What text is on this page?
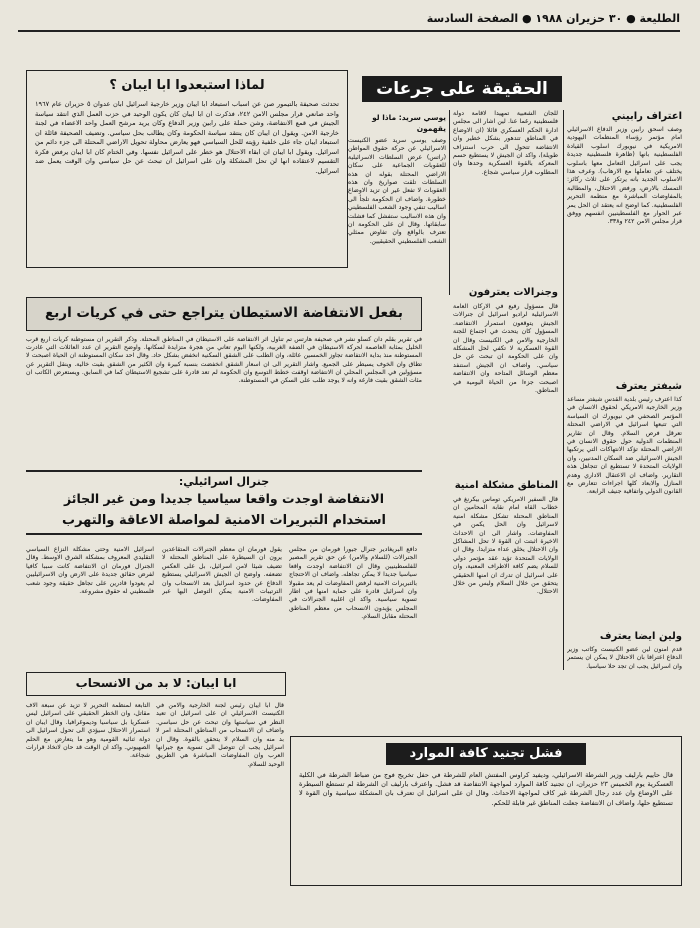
الطليعة ● ٣٠ حزيران ١٩٨٨ ● الصفحة السادسة
الحقيقة على جرعات
لماذا استبعدوا ابا ايبان ؟
تحدثت صحيفة بالتيمور صن عن اسباب استبعاد ابا ايبان وزير خارجية اسرائيل ابان عدوان ٥ حزيران عام ١٩٦٧ واحد صانعي قرار مجلس الامن ٢٤٢، فذكرت ان ابا ايبان كان يكون الوحيد في حزب العمل الذي انتقد سياسة الجيش في قمع الانتفاضة، وشن حملة على رابين وزير الدفاع وكان يريد مرشح العمل واحد الاعضاء في لجنة خارجية الامن. ويقول ان ايبان كان ينتقد سياسة الحكومة وكان يطالب بحل سياسي. وتضيف الصحيفة قائلة ان استبعاد ايبان جاء على خلفية رؤيته للحل السياسي فهو يعارض محاولة تحويل الاراضي المحتلة الى جزء دائم من اسرائيل. ويقول ابا ايبان ان ابقاء الاحتلال هو خطر على اسرائيل نفسها. وفي الختام كان ابا ايبان يرفض فكرة التقسيم لاعتقاده انها لن تحل المشكلة وان على اسرائيل ان تبحث عن حل سياسي وان الوقت يعمل ضد اسرائيل.
اعتراف رابيني
وصف اسحق رابين وزير الدفاع الاسرائيلي امام مؤتمر رؤساء المنظمات اليهودية الامريكية في نيويورك اسلوب القيادة الفلسطينية بانها (ظاهرة فلسطينية جديدة يجب على اسرائيل التعامل معها باسلوب يختلف عن تعاملها مع الارهاب). وعرف هذا الاسلوب الجديد بانه يرتكز على ثلاث ركائز: التمسك بالارض، ورفض الاحتلال، والمطالبة بالمفاوضات المباشرة مع منظمة التحرير الفلسطينية. كما اوضح انه يعتقد ان الحل يمر عبر الحوار مع الفلسطينيين انفسهم ووفق قرار مجلس الامن ٢٤٢ و٣٣٨.
شيفتر يعترف
كذا اعترف رئيس بلدية القدس شيفتر مساعد وزير الخارجية الامريكي لحقوق الانسان في المؤتمر الصحفي في نيويورك ان السياسة التي تتبعها اسرائيل في الاراضي المحتلة تعرقل فرص السلام. وقال ان تقارير المنظمات الدولية حول حقوق الانسان في الاراضي المحتلة تؤكد الانتهاكات التي يرتكبها الجيش الاسرائيلي ضد السكان المدنيين، وان الولايات المتحدة لا تستطيع ان تتجاهل هذه التقارير. واضاف ان الاعتقال الاداري وهدم المنازل والابعاد كلها اجراءات تتعارض مع القانون الدولي واتفاقية جنيف الرابعة.
ولين ايضا يعترف
قدم امنون لين عضو الكنيست وكاتب وزير الدفاع اعترافا بان الاحتلال لا يمكن ان يستمر وان اسرائيل يجب ان تجد حلا سياسيا.
للجان الشعبية تمهيدا لاقامة دولة فلسطينية رغما عنا. لين اشار الى مجلس ادارة الحكم العسكري قائلا (ان الاوضاع في المناطق تتدهور بشكل خطير وان الانتفاضة تتحول الى حرب استنزاف طويلة)، واكد ان الجيش لا يستطيع حسم المعركة بالقوة العسكرية وحدها وان المطلوب قرار سياسي شجاع.
وجنرالات يعترفون
قال مسؤول رفيع في الاركان العامة الاسرائيلية لراديو اسرائيل ان جنرالات الجيش يتوقعون استمرار الانتفاضة. المسؤول كان يتحدث في اجتماع للجنة الخارجية والامن في الكنيست وقال ان القوة العسكرية لا تكفي لحل المشكلة وان على الحكومة ان تبحث عن حل سياسي. واضاف ان الجيش استنفد معظم الوسائل المتاحة وان الانتفاضة اصبحت جزءا من الحياة اليومية في المناطق.
المناطق مشكلة امنية
قال السفير الامريكي توماس بيكرنغ في خطاب القاه امام نقابة المحامين ان المناطق المحتلة تشكل مشكلة امنية لاسرائيل وان الحل يكمن في المفاوضات. واشار الى ان الاحداث الاخيرة اثبتت ان القوة لا تحل المشاكل وان الاحتلال يخلق عداء متزايدا. وقال ان الولايات المتحدة تؤيد عقد مؤتمر دولي للسلام يضم كافة الاطراف المعنية، وان على اسرائيل ان تدرك ان امنها الحقيقي يتحقق من خلال السلام وليس من خلال الاحتلال.
يوسي سريد: ماذا لو يقهمون
وصف يوسي سريد عضو الكنيست الاسرائيلي عن حركة حقوق المواطن (راتس) عرض السلطات الاسرائيلية للعقوبات الجماعية على سكان الاراضي المحتلة بقوله ان هذه السلطات تلقت صواريخ وان هذه العقوبات لا تفعل غير ان تزيد الاوضاع خطورة. واضاف ان الحكومة تلجأ الى اساليب تنفي وجود الشعب الفلسطيني وان هذه الاساليب ستفشل كما فشلت سابقاتها. وقال ان على الحكومة ان تعترف بالواقع وان تفاوض ممثلي الشعب الفلسطيني الحقيقيين.
بفعل الانتفاضة الاستيطان يتراجع حتى في كريات اربع
في تقرير بقلم دان كسلو نشر في صحيفة هآرتس تم تناول اثر الانتفاضة على الاستيطان في المناطق المحتلة. وذكر التقرير ان مستوطنة كريات اربع قرب الخليل بمثابة العاصمة لحركة الاستيطان في الضفة الغربية، ولكنها اليوم تعاني من هجرة متزايدة لسكانها. واوضح التقرير ان عدد العائلات التي غادرت المستوطنة منذ بداية الانتفاضة تجاوز الخمسين عائلة، وان الطلب على الشقق السكنية انخفض بشكل حاد. وقال احد سكان المستوطنة ان الحياة اصبحت لا تطاق وان الخوف يسيطر على الجميع. واشار التقرير الى ان اسعار الشقق انخفضت بنسبة كبيرة وان الكثير من الشقق بقيت خالية. وينقل التقرير عن مسؤولين في المجلس المحلي ان الانتفاضة اوقفت خطط التوسع وان الحكومة لم تعد قادرة على تشجيع الاستيطان كما في السابق. ويستعرض الكاتب ان مئات الشقق بقيت فارغة وانه لا يوجد طلب على السكن في المستوطنة.
جنرال اسرائيلي:
الانتفاضة اوجدت واقعا سياسيا جديدا ومن غير الجائز
استخدام التبريرات الامنية لمواصلة الاعاقة والتهرب
دافع البريغادير جنرال جيورا فورمان من مجلس الجنرالات (للسلام والامن) عن حق تقرير المصير للفلسطينيين وقال ان الانتفاضة اوجدت واقعا سياسيا جديدا لا يمكن تجاهله. واضاف ان الاحتجاج بالتبريرات الامنية لرفض المفاوضات لم يعد مقبولا وان اسرائيل قادرة على حماية امنها في اطار تسوية سياسية. واكد ان اغلبية الجنرالات في المجلس يؤيدون الانسحاب من معظم المناطق المحتلة مقابل السلام.
يقول فورمان ان معظم الجنرالات المتقاعدين يرون ان السيطرة على المناطق المحتلة لا تضيف شيئا لامن اسرائيل، بل على العكس تضعفه. واوضح ان الجيش الاسرائيلي يستطيع الدفاع عن حدود اسرائيل بعد الانسحاب وان الترتيبات الامنية يمكن التوصل اليها عبر المفاوضات.
اسرائيل الامنية وحتى مشكلة النزاع السياسي التقليدي المعروف بمشكلة الشرق الاوسط. وقال الجنرال فورمان ان الانتفاضة كانت سببا كافيا لفرض حقائق جديدة على الارض وان الاسرائيليين لم يعودوا قادرين على تجاهل حقيقة وجود شعب فلسطيني له حقوق مشروعة.
ابا ايبان: لا بد من الانسحاب
قال ابا ايبان رئيس لجنة الخارجية والامن في الكنيست الاسرائيلي ان على اسرائيل ان تعيد النظر في سياستها وان تبحث عن حل سياسي. واضاف ان الانسحاب من المناطق المحتلة امر لا بد منه وان السلام لا يتحقق بالقوة. وقال ان اسرائيل يجب ان تتوصل الى تسوية مع جيرانها العرب وان المفاوضات المباشرة هي الطريق الوحيد للسلام.
التابعة لمنظمة التحرير لا تزيد عن سبعة الاف مقاتل، وان الخطر الحقيقي على اسرائيل ليس عسكريا بل سياسيا وديموغرافيا. وقال ايبان ان استمرار الاحتلال سيؤدي الى تحول اسرائيل الى دولة ثنائية القومية وهو ما يتعارض مع الحلم الصهيوني. واكد ان الوقت قد حان لاتخاذ قرارات شجاعة.	فشل تجنيد كافة الموارد
قال حاييم بارليف وزير الشرطة الاسرائيلي، وديفيد كراوس المفتش العام للشرطة في حفل تخريج فوج من ضباط الشرطة في الكلية العسكرية يوم الخميس ٢٣ حزيران، ان تجنيد كافة الموارد لمواجهة الانتفاضة قد فشل. واعترف بارليف ان الشرطة لم تستطع السيطرة على الاوضاع وان عدد رجال الشرطة غير كاف لمواجهة الاحداث. وقال ان على اسرائيل ان تعترف بان المشكلة سياسية وان القوة لا تستطيع حلها، واضاف ان الانتفاضة جعلت المناطق غير قابلة للحكم.
